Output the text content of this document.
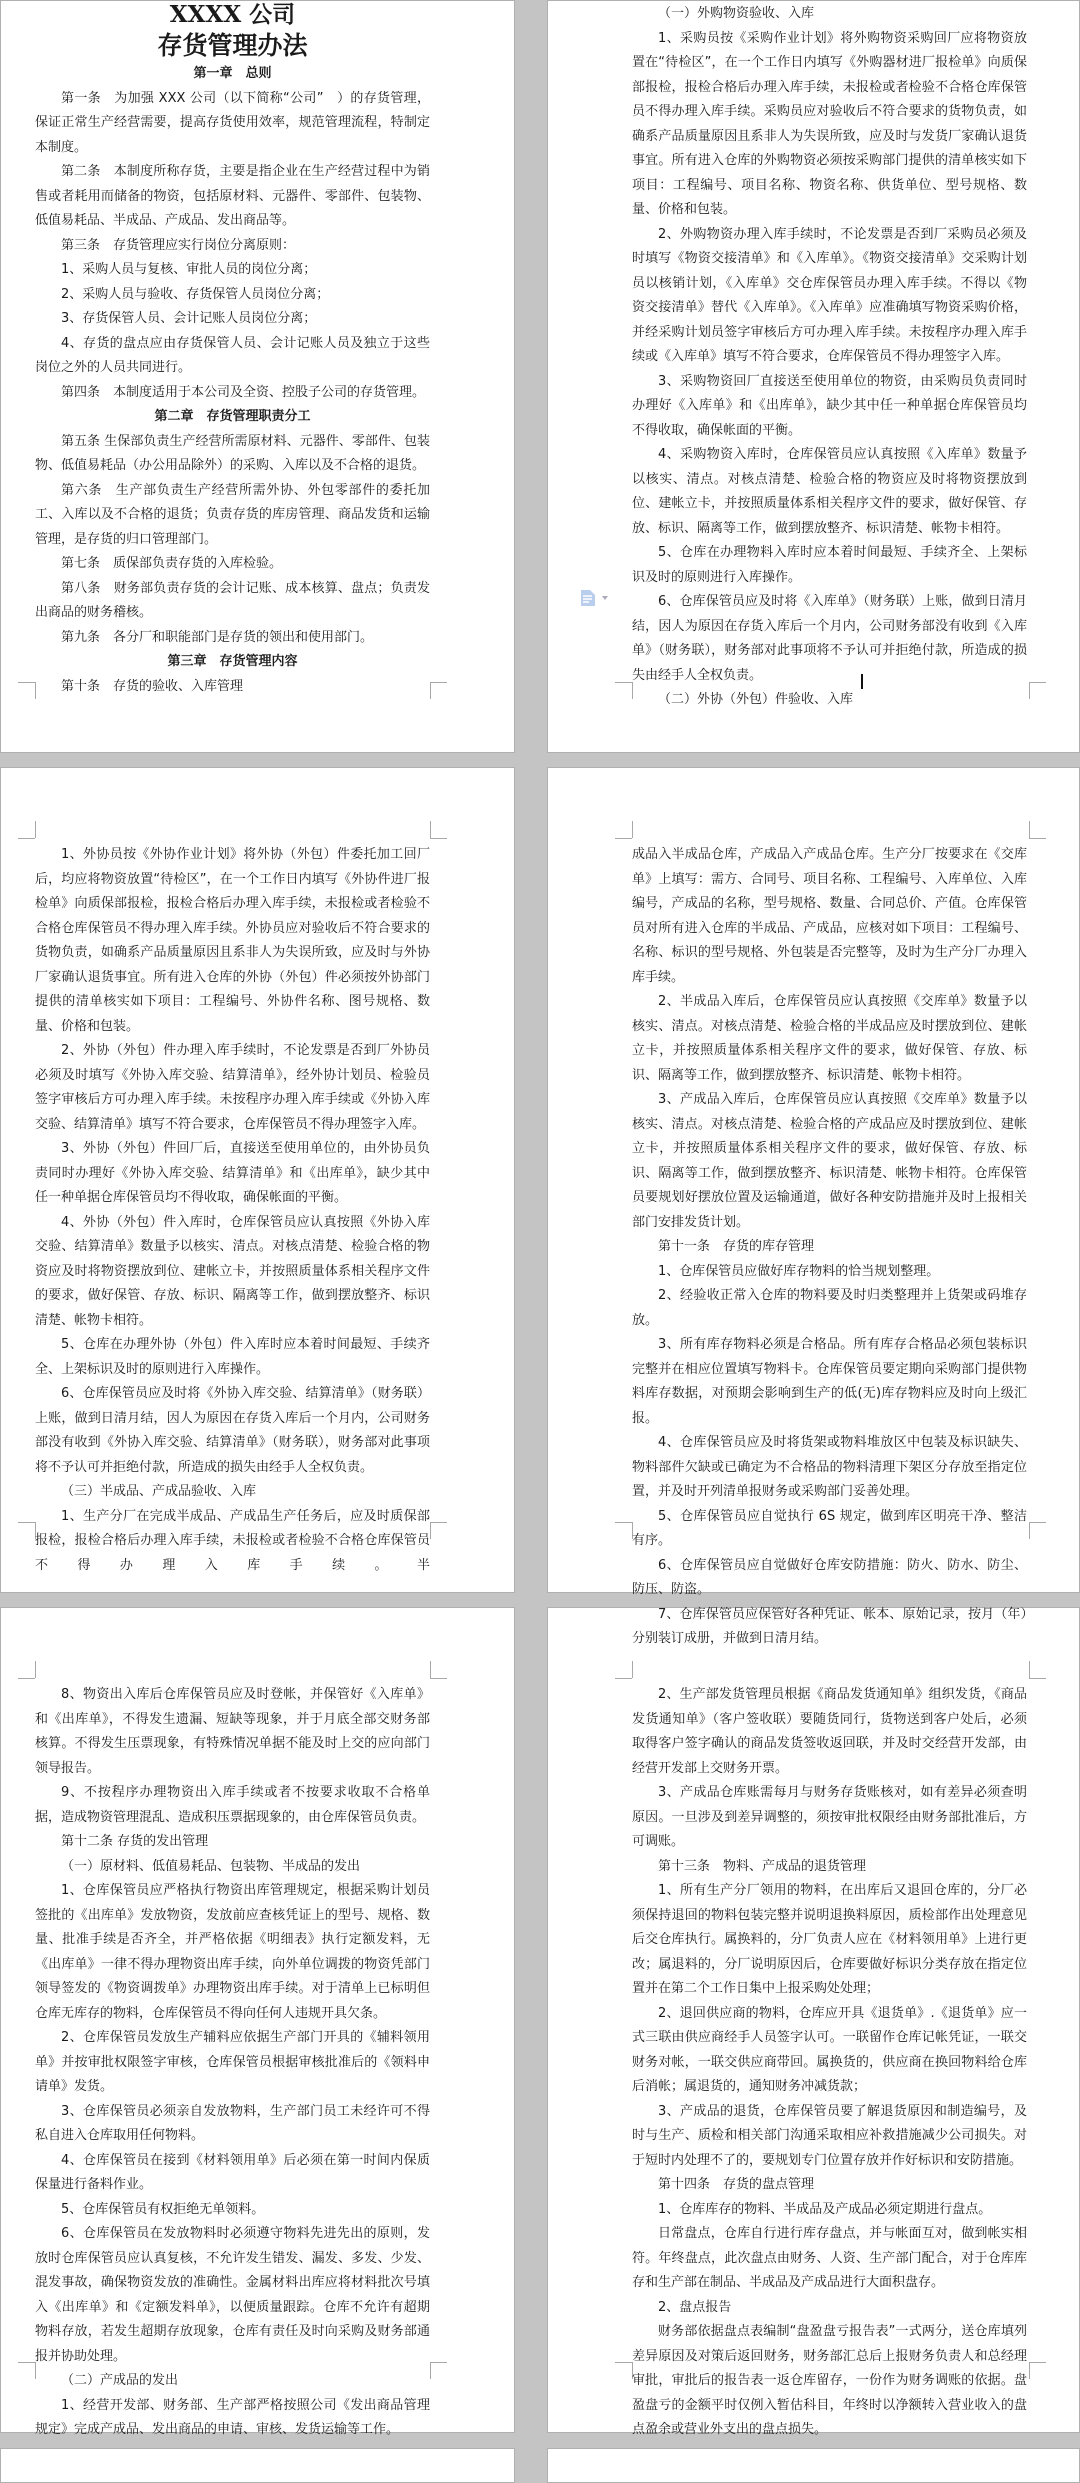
XXXX 公司
存货管理办法
第一章　总则

第一条　为加强 XXX 公司（以下简称“公司”　）的存货管理，保证正常生产经营需要，提高存货使用效率，规范管理流程，特制定本制度。

第二条　本制度所称存货，主要是指企业在生产经营过程中为销售或者耗用而储备的物资，包括原材料、元器件、零部件、包装物、低值易耗品、半成品、产成品、发出商品等。

第三条　存货管理应实行岗位分离原则：

1、采购人员与复核、审批人员的岗位分离；

2、采购人员与验收、存货保管人员岗位分离；

3、存货保管人员、会计记账人员岗位分离；

4、存货的盘点应由存货保管人员、会计记账人员及独立于这些岗位之外的人员共同进行。

第四条　本制度适用于本公司及全资、控股子公司的存货管理。

第二章　存货管理职责分工

第五条 生保部负责生产经营所需原材料、元器件、零部件、包装物、低值易耗品（办公用品除外）的采购、入库以及不合格的退货。

第六条　生产部负责生产经营所需外协、外包零部件的委托加工、入库以及不合格的退货；负责存货的库房管理、商品发货和运输管理，是存货的归口管理部门。

第七条　质保部负责存货的入库检验。

第八条　财务部负责存货的会计记账、成本核算、盘点；负责发出商品的财务稽核。

第九条　各分厂和职能部门是存货的领出和使用部门。

第三章　存货管理内容

第十条　存货的验收、入库管理

（一）外购物资验收、入库

1、采购员按《采购作业计划》将外购物资采购回厂应将物资放置在“待检区”，在一个工作日内填写《外购器材进厂报检单》向质保部报检，报检合格后办理入库手续，未报检或者检验不合格仓库保管员不得办理入库手续。采购员应对验收后不符合要求的货物负责，如确系产品质量原因且系非人为失误所致，应及时与发货厂家确认退货事宜。所有进入仓库的外购物资必须按采购部门提供的清单核实如下项目：工程编号、项目名称、物资名称、供货单位、型号规格、数量、价格和包装。

2、外购物资办理入库手续时，不论发票是否到厂采购员必须及时填写《物资交接清单》和《入库单》。《物资交接清单》交采购计划员以核销计划，《入库单》交仓库保管员办理入库手续。不得以《物资交接清单》替代《入库单》。《入库单》应准确填写物资采购价格，并经采购计划员签字审核后方可办理入库手续。未按程序办理入库手续或《入库单》填写不符合要求，仓库保管员不得办理签字入库。

3、采购物资回厂直接送至使用单位的物资，由采购员负责同时办理好《入库单》和《出库单》，缺少其中任一种单据仓库保管员均不得收取，确保帐面的平衡。

4、采购物资入库时，仓库保管员应认真按照《入库单》数量予以核实、清点。对核点清楚、检验合格的物资应及时将物资摆放到位、建帐立卡，并按照质量体系相关程序文件的要求，做好保管、存放、标识、隔离等工作，做到摆放整齐、标识清楚、帐物卡相符。

5、仓库在办理物料入库时应本着时间最短、手续齐全、上架标识及时的原则进行入库操作。

6、仓库保管员应及时将《入库单》（财务联）上账，做到日清月结，因人为原因在存货入库后一个月内，公司财务部没有收到《入库单》（财务联），财务部对此事项将不予认可并拒绝付款，所造成的损失由经手人全权负责。

（二）外协（外包）件验收、入库

1、外协员按《外协作业计划》将外协（外包）件委托加工回厂后，均应将物资放置“待检区”，在一个工作日内填写《外协件进厂报检单》向质保部报检，报检合格后办理入库手续，未报检或者检验不合格仓库保管员不得办理入库手续。外协员应对验收后不符合要求的货物负责，如确系产品质量原因且系非人为失误所致，应及时与外协厂家确认退货事宜。所有进入仓库的外协（外包）件必须按外协部门提供的清单核实如下项目：工程编号、外协件名称、图号规格、数量、价格和包装。

2、外协（外包）件办理入库手续时，不论发票是否到厂外协员必须及时填写《外协入库交验、结算清单》，经外协计划员、检验员签字审核后方可办理入库手续。未按程序办理入库手续或《外协入库交验、结算清单》填写不符合要求，仓库保管员不得办理签字入库。

3、外协（外包）件回厂后，直接送至使用单位的，由外协员负责同时办理好《外协入库交验、结算清单》和《出库单》，缺少其中任一种单据仓库保管员均不得收取，确保帐面的平衡。

4、外协（外包）件入库时，仓库保管员应认真按照《外协入库交验、结算清单》数量予以核实、清点。对核点清楚、检验合格的物资应及时将物资摆放到位、建帐立卡，并按照质量体系相关程序文件的要求，做好保管、存放、标识、隔离等工作，做到摆放整齐、标识清楚、帐物卡相符。

5、仓库在办理外协（外包）件入库时应本着时间最短、手续齐全、上架标识及时的原则进行入库操作。

6、仓库保管员应及时将《外协入库交验、结算清单》（财务联）上账，做到日清月结，因人为原因在存货入库后一个月内，公司财务部没有收到《外协入库交验、结算清单》（财务联），财务部对此事项将不予认可并拒绝付款，所造成的损失由经手人全权负责。

（三）半成品、产成品验收、入库

1、生产分厂在完成半成品、产成品生产任务后，应及时质保部报检，报检合格后办理入库手续，未报检或者检验不合格仓库保管员不得办理入库手续。半

成品入半成品仓库，产成品入产成品仓库。生产分厂按要求在《交库单》上填写：需方、合同号、项目名称、工程编号、入库单位、入库编号，产成品的名称，型号规格、数量、合同总价、产值。仓库保管员对所有进入仓库的半成品、产成品，应核对如下项目：工程编号、名称、标识的型号规格、外包装是否完整等，及时为生产分厂办理入库手续。

2、半成品入库后，仓库保管员应认真按照《交库单》数量予以核实、清点。对核点清楚、检验合格的半成品应及时摆放到位、建帐立卡，并按照质量体系相关程序文件的要求，做好保管、存放、标识、隔离等工作，做到摆放整齐、标识清楚、帐物卡相符。

3、产成品入库后，仓库保管员应认真按照《交库单》数量予以核实、清点。对核点清楚、检验合格的产成品应及时摆放到位、建帐立卡，并按照质量体系相关程序文件的要求，做好保管、存放、标识、隔离等工作，做到摆放整齐、标识清楚、帐物卡相符。仓库保管员要规划好摆放位置及运输通道，做好各种安防措施并及时上报相关部门安排发货计划。

第十一条　存货的库存管理

1、仓库保管员应做好库存物料的恰当规划整理。

2、经验收正常入仓库的物料要及时归类整理并上货架或码堆存放。

3、所有库存物料必须是合格品。所有库存合格品必须包装标识完整并在相应位置填写物料卡。仓库保管员要定期向采购部门提供物料库存数据，对预期会影响到生产的低(无)库存物料应及时向上级汇报。

4、仓库保管员应及时将货架或物料堆放区中包装及标识缺失、物料部件欠缺或已确定为不合格品的物料清理下架区分存放至指定位置，并及时开列清单报财务或采购部门妥善处理。

5、仓库保管员应自觉执行 6S 规定，做到库区明亮干净、整洁有序。

6、仓库保管员应自觉做好仓库安防措施：防火、防水、防尘、防压、防盗。

7、仓库保管员应保管好各种凭证、帐本、原始记录，按月（年）分别装订成册，并做到日清月结。

8、物资出入库后仓库保管员应及时登帐，并保管好《入库单》和《出库单》，不得发生遗漏、短缺等现象，并于月底全部交财务部核算。不得发生压票现象，有特殊情况单据不能及时上交的应向部门领导报告。

9、不按程序办理物资出入库手续或者不按要求收取不合格单据，造成物资管理混乱、造成积压票据现象的，由仓库保管员负责。

第十二条 存货的发出管理

（一）原材料、低值易耗品、包装物、半成品的发出

1、仓库保管员应严格执行物资出库管理规定，根据采购计划员签批的《出库单》发放物资，发放前应查核凭证上的型号、规格、数量、批准手续是否齐全，并严格依据《明细表》执行定额发料，无《出库单》一律不得办理物资出库手续，向外单位调拨的物资凭部门领导签发的《物资调拨单》办理物资出库手续。对于清单上已标明但仓库无库存的物料，仓库保管员不得向任何人违规开具欠条。

2、仓库保管员发放生产辅料应依据生产部门开具的《辅料领用单》并按审批权限签字审核，仓库保管员根据审核批准后的《领料申请单》发货。

3、仓库保管员必须亲自发放物料，生产部门员工未经许可不得私自进入仓库取用任何物料。

4、仓库保管员在接到《材料领用单》后必须在第一时间内保质保量进行备料作业。

5、仓库保管员有权拒绝无单领料。

6、仓库保管员在发放物料时必须遵守物料先进先出的原则，发放时仓库保管员应认真复核，不允许发生错发、漏发、多发、少发、混发事故，确保物资发放的准确性。金属材料出库应将材料批次号填入《出库单》和《定额发料单》，以便质量跟踪。仓库不允许有超期物料存放，若发生超期存放现象，仓库有责任及时向采购及财务部通报并协助处理。

（二）产成品的发出

1、经营开发部、财务部、生产部严格按照公司《发出商品管理规定》完成产成品、发出商品的申请、审核、发货运输等工作。

2、生产部发货管理员根据《商品发货通知单》组织发货，《商品发货通知单》（客户签收联）要随货同行，货物送到客户处后，必须取得客户签字确认的商品发货签收返回联，并及时交经营开发部，由经营开发部上交财务开票。

3、产成品仓库账需每月与财务存货账核对，如有差异必须查明原因。一旦涉及到差异调整的，须按审批权限经由财务部批准后，方可调账。

第十三条　物料、产成品的退货管理

1、所有生产分厂领用的物料，在出库后又退回仓库的，分厂必须保持退回的物料包装完整并说明退换料原因，质检部作出处理意见后交仓库执行。属换料的，分厂负责人应在《材料领用单》上进行更改；属退料的，分厂说明原因后，仓库要做好标识分类存放在指定位置并在第二个工作日集中上报采购处处理；

2、退回供应商的物料，仓库应开具《退货单》.《退货单》应一式三联由供应商经手人员签字认可。一联留作仓库记帐凭证，一联交财务对帐，一联交供应商带回。属换货的，供应商在换回物料给仓库后消帐；属退货的，通知财务冲减货款；

3、产成品的退货，仓库保管员要了解退货原因和制造编号，及时与生产、质检和相关部门沟通采取相应补救措施减少公司损失。对于短时内处理不了的，要规划专门位置存放并作好标识和安防措施。

第十四条　存货的盘点管理

1、仓库库存的物料、半成品及产成品必须定期进行盘点。

日常盘点，仓库自行进行库存盘点，并与帐面互对，做到帐实相符。年终盘点，此次盘点由财务、人资、生产部门配合，对于仓库库存和生产部在制品、半成品及产成品进行大面积盘存。

2、盘点报告

财务部依据盘点表编制“盘盈盘亏报告表”一式两分，送仓库填列差异原因及对策后返回财务，财务部汇总后上报财务负责人和总经理审批，审批后的报告表一返仓库留存，一份作为财务调账的依据。盘盈盘亏的金额平时仅例入暂估科目，年终时以净额转入营业收入的盘点盈余或营业外支出的盘点损失。
